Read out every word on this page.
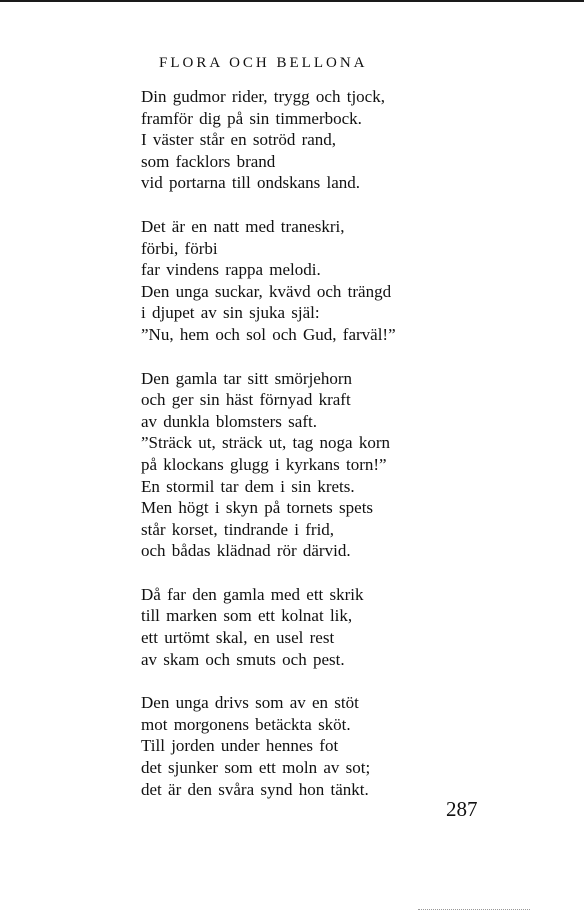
FLORA OCH BELLONA
Din gudmor rider, trygg och tjock,
framför dig på sin timmerbock.
I väster står en sotröd rand,
som facklors brand
vid portarna till ondskans land.
Det är en natt med traneskri,
förbi, förbi
far vindens rappa melodi.
Den unga suckar, kvävd och trängd
i djupet av sin sjuka själ:
”Nu, hem och sol och Gud, farväl!”
Den gamla tar sitt smörjehorn
och ger sin häst förnyad kraft
av dunkla blomsters saft.
”Sträck ut, sträck ut, tag noga korn
på klockans glugg i kyrkans torn!”
En stormil tar dem i sin krets.
Men högt i skyn på tornets spets
står korset, tindrande i frid,
och bådas klädnad rör därvid.
Då far den gamla med ett skrik
till marken som ett kolnat lik,
ett urtömt skal, en usel rest
av skam och smuts och pest.
Den unga drivs som av en stöt
mot morgonens betäckta sköt.
Till jorden under hennes fot
det sjunker som ett moln av sot;
det är den svåra synd hon tänkt.
287
